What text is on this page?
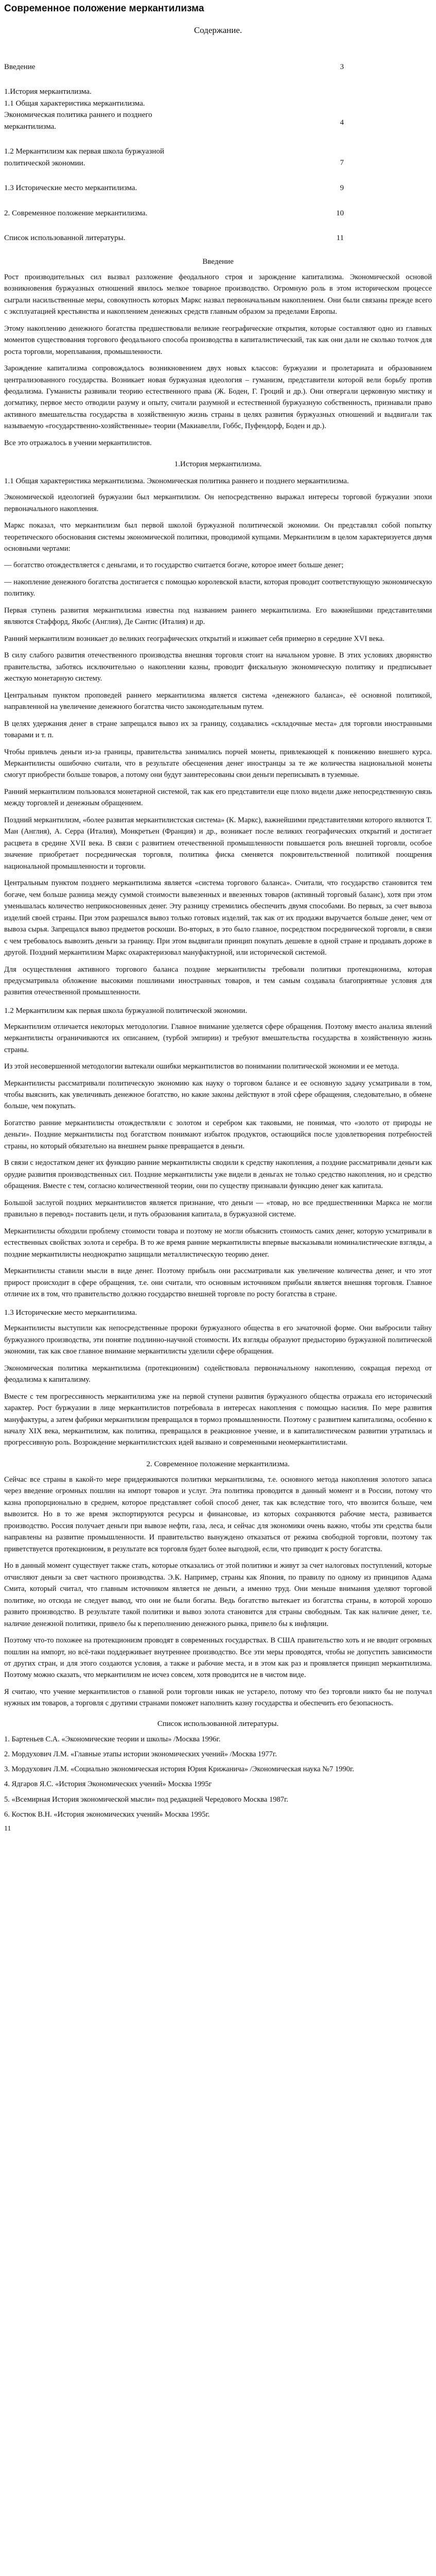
Современное положение меркантилизма
Содержание.
Введение	3
1.История меркантилизма.
1.1 Общая характеристика меркантилизма. Экономическая политика раннего и позднего меркантилизма.	4
1.2 Меркантилизм как первая школа буржуазной политической экономии.	7
1.3 Исторические место меркантилизма.	9
2. Современное положение меркантилизма.	10
Список использованной литературы.	11
Введение

Рост производительных сил вызвал разложение феодального строя и зарождение капитализма. Экономической основой возникновения буржуазных отношений явилось мелкое товарное производство. Огромную роль в этом историческом процессе сыграли насильственные меры, совокупность которых Маркс назвал первоначальным накоплением. Они были связаны прежде всего с эксплуатацией крестьянства и накоплением денежных средств главным образом за пределами Европы.

Этому накоплению денежного богатства предшествовали великие географические открытия, которые составляют одно из главных моментов существования торгового феодального способа производства в капиталистический, так как они дали не сколько толчок для роста торговли, мореплавания, промышленности.

Зарождение капитализма сопровождалось возникновением двух новых классов: буржуазии и пролетариата и образованием централизованного государства. Возникает новая буржуазная идеология – гуманизм, представители которой вели борьбу против феодализма. Гуманисты развивали теорию естественного права (Ж. Боден, Г. Гроций и др.). Они отвергали церковную мистику и догматику, первое место отводили разуму и опыту, считали разумной и естественной буржуазную собственность, признавали право активного вмешательства государства в хозяйственную жизнь страны в целях развития буржуазных отношений и выдвигали так называемую «государственно-хозяйственные» теории (Макиавелли, Гоббс, Пуфендорф, Боден и др.).

Все это отражалось в учении меркантилистов.

1.История меркантилизма.
1.1 Общая характеристика меркантилизма. Экономическая политика раннего и позднего меркантилизма.

Экономической идеологией буржуазии был меркантилизм. Он непосредственно выражал интересы торговой буржуазии эпохи первоначального накопления.

Маркс показал, что меркантилизм был первой школой буржуазной политической экономии. Он представлял собой попытку теоретического обоснования системы экономической политики, проводимой купцами. Меркантилизм в целом характеризуется двумя основными чертами:

— богатство отождествляется с деньгами, и то государство считается богаче, которое имеет больше денег;

— накопление денежного богатства достигается с помощью королевской власти, которая проводит соответствующую экономическую политику.

Первая ступень развития меркантилизма известна под названием раннего меркантилизма. Его важнейшими представителями являются Стаффорд, Якобс (Англия), Де Сантис (Италия) и др.

Ранний меркантилизм возникает до великих географических открытий и изживает себя примерно в середине XVI века.

В силу слабого развития отечественного производства внешняя торговля стоит на начальном уровне. В этих условиях дворянство правительства, заботясь исключительно о накоплении казны, проводит фискальную экономическую политику и предписывает жесткую монетарную систему.

Центральным пунктом проповедей раннего меркантилизма является система «денежного баланса», её основной политикой, направленной на увеличение денежного богатства чисто законодательным путем.

В целях удержания денег в стране запрещался вывоз их за границу, создавались «складочные места» для торговли иностранными товарами и т. п.

Чтобы привлечь деньги из-за границы, правительства занимались порчей монеты, привлекающей к понижению внешнего курса. Меркантилисты ошибочно считали, что в результате обесценения денег иностранцы за те же количества национальной монеты смогут приобрести больше товаров, а потому они будут заинтересованы свои деньги переписывать в туземные.

Ранний меркантилизм пользовался монетарной системой, так как его представители еще плохо видели даже непосредственную связь между торговлей и денежным обращением.

Поздний меркантилизм, «более развитая меркантилистская система» (К. Маркс), важнейшими представителями которого являются Т. Ман (Англия), А. Серра (Италия), Монкретьен (Франция) и др., возникает после великих географических открытий и достигает расцвета в средине XVII века. В связи с развитием отечественной промышленности повышается роль внешней торговли, особое значение приобретает посредническая торговля, политика фиска сменяется покровительственной политикой поощрения национальной промышленности и торговли.

Центральным пунктом позднего меркантилизма является «система торгового баланса». Считали, что государство становится тем богаче, чем больше разница между суммой стоимости вывезенных и ввезенных товаров (активный торговый баланс), хотя при этом уменьшалась количество неприкосновенных денег. Эту разницу стремились обеспечить двумя способами. Во первых, за счет вывоза изделий своей страны. При этом разрешался вывоз только готовых изделий, так как от их продажи выручается больше денег, чем от вывоза сырья. Запрещался вывоз предметов роскоши. Во-вторых, в это было главное, посредством посреднической торговли, в связи с чем требовалось вывозить деньги за границу. При этом выдвигали принцип покупать дешевле в одной стране и продавать дороже в другой. Поздний меркантилизм Маркс охарактеризовал мануфактурной, или исторической системой.

Для осуществления активного торгового баланса поздние меркантилисты требовали политики протекционизма, которая предусматривала обложение высокими пошлинами иностранных товаров, и тем самым создавала благоприятные условия для развития отечественной промышленности.

1.2 Меркантилизм как первая школа буржуазной политической экономии.

Меркантилизм отличается некоторых методологии. Главное внимание уделяется сфере обращения. Поэтому вместо анализа явлений меркантилисты ограничиваются их описанием, (турбой эмпирии) и требуют вмешательства государства в хозяйственную жизнь страны.

Из этой несовершенной методологии вытекали ошибки меркантилистов во понимании политической экономии и ее метода.

Меркантилисты рассматривали политическую экономию как науку о торговом балансе и ее основную задачу усматривали в том, чтобы выяснить, как увеличивать денежное богатство, но какие законы действуют в этой сфере обращения, следовательно, в обмене больше, чем покупать.

Богатство ранние меркантилисты отождествляли с золотом и серебром как таковыми, не понимая, что «золото от природы не деньги». Поздние меркантилисты под богатством понимают избыток продуктов, остающийся после удовлетворения потребностей страны, но который обязательно на внешнем рынке превращается в деньги.

В связи с недостатком денег их функцию ранние меркантилисты сводили к средству накопления, а поздние рассматривали деньги как орудие развития производственных сил. Поздние меркантилисты уже видели в деньгах не только средство накопления, но и средство обращения. Вместе с тем, согласно количественной теории, они по существу признавали функцию денег как капитала.

Большой заслугой поздних меркантилистов является признание, что деньги — «товар, но все предшественники Маркса не могли правильно в перевод» поставить цели, и путь образования капитала, в буржуазной системе.

Меркантилисты обходили проблему стоимости товара и поэтому не могли объяснить стоимость самих денег, которую усматривали в естественных свойствах золота и серебра. В то же время ранние меркантилисты впервые высказывали номиналистические взгляды, а поздние меркантилисты неоднократно защищали металлистическую теорию денег.

Меркантилисты ставили мысли в виде денег. Поэтому прибыль они рассматривали как увеличение количества денег, и что этот прирост происходит в сфере обращения, т.е. они считали, что основным источником прибыли является внешняя торговля. Главное отличие их в том, что правительство должно государство внешней торговле по росту богатства в стране.

1.3 Исторические место меркантилизма.

Меркантилисты выступили как непосредственные пророки буржуазного общества в его зачаточной форме. Они выбросили тайну буржуазного производства, эти понятие подлинно-научной стоимости. Их взгляды образуют предысторию буржуазной политической экономии, так как свое главное внимание меркантилисты уделили сфере обращения.

Экономическая политика меркантилизма (протекционизм) содействовала первоначальному накоплению, сокращая переход от феодализма к капитализму.

Вместе с тем прогрессивность меркантилизма уже на первой ступени развития буржуазного общества отражала его исторический характер. Рост буржуазии в лице меркантилистов потребовала в интересах накопления с помощью насилия. По мере развития мануфактуры, а затем фабрики меркантилизм превращался в тормоз промышленности. Поэтому с развитием капитализма, особенно к началу XIX века, меркантилизм, как политика, превращался в реакционное учение, и в капиталистическом развитии утратилась и прогрессивную роль. Возрождение меркантилистских идей вызвано и современными неомеркантилистами.

2. Современное положение меркантилизма.

Сейчас все страны в какой-то мере придерживаются политики меркантилизма, т.е. основного метода накопления золотого запаса через введение огромных пошлин на импорт товаров и услуг. Эта политика проводится в данный момент и в России, потому что казна пропорционально в среднем, которое представляет собой способ денег, так как вследствие того, что ввозится больше, чем вывозится. Но в то же время экспортируются ресурсы и финансовые, из которых сохраняются рабочие места, развивается производство. Россия получает деньги при вывозе нефти, газа, леса, и сейчас для экономики очень важно, чтобы эти средства были направлены на развитие промышленности. И правительство вынуждено отказаться от режима свободной торговли, поэтому так приветствуется протекционизм, в результате вся торговля будет более выгодной, если, что приводит к росту богатства.

Но в данный момент существует также стать, которые отказались от этой политики и живут за счет налоговых поступлений, которые отчисляют деньги за свет частного производства. Э.К. Например, страны как Япония, по правилу по одному из принципов Адама Смита, который считал, что главным источником является не деньги, а именно труд. Они меньше внимания уделяют торговой политике, но отсюда не следует вывод, что они не были богаты. Ведь богатство вытекает из богатства страны, в которой хорошо развито производство. В результате такой политики и вывоз золота становится для страны свободным. Так как наличие денег, т.е. наличие денежной политики, привело бы к переполнению денежного рынка, привело бы к инфляции.

Поэтому что-то похожее на протекционизм проводят в современных государствах. В США правительство хоть и не вводит огромных пошлин на импорт, но всё-таки поддерживает внутреннее производство. Все эти меры проводятся, чтобы не допустить зависимости от других стран, и для этого создаются условия, а также и рабочие места, и в этом как раз и проявляется принцип меркантилизма. Поэтому можно сказать, что меркантилизм не исчез совсем, хотя проводится не в чистом виде.

Я считаю, что учение меркантилистов о главной роли торговли никак не устарело, потому что без торговли никто бы не получал нужных им товаров, а торговля с другими странами поможет наполнить казну государства и обеспечить его безопасность.

Список использованной литературы.
1. Бартеньев С.А. «Экономические теории и школы» /Москва 1996г.
2. Мордухович Л.М. «Главные этапы истории экономических учений» /Москва 1977г.
3. Мордухович Л.М. «Социально экономическая история Юрия Крижанича» /Экономическая наука №7 1990г.
4. Ядгаров Я.С. «История Экономических учений» Москва 1995г
5. «Всемирная История экономической мысли» под редакцией Чередового Москва 1987г.
6. Костюк В.Н. «История экономических учений» Москва 1995г.
11
